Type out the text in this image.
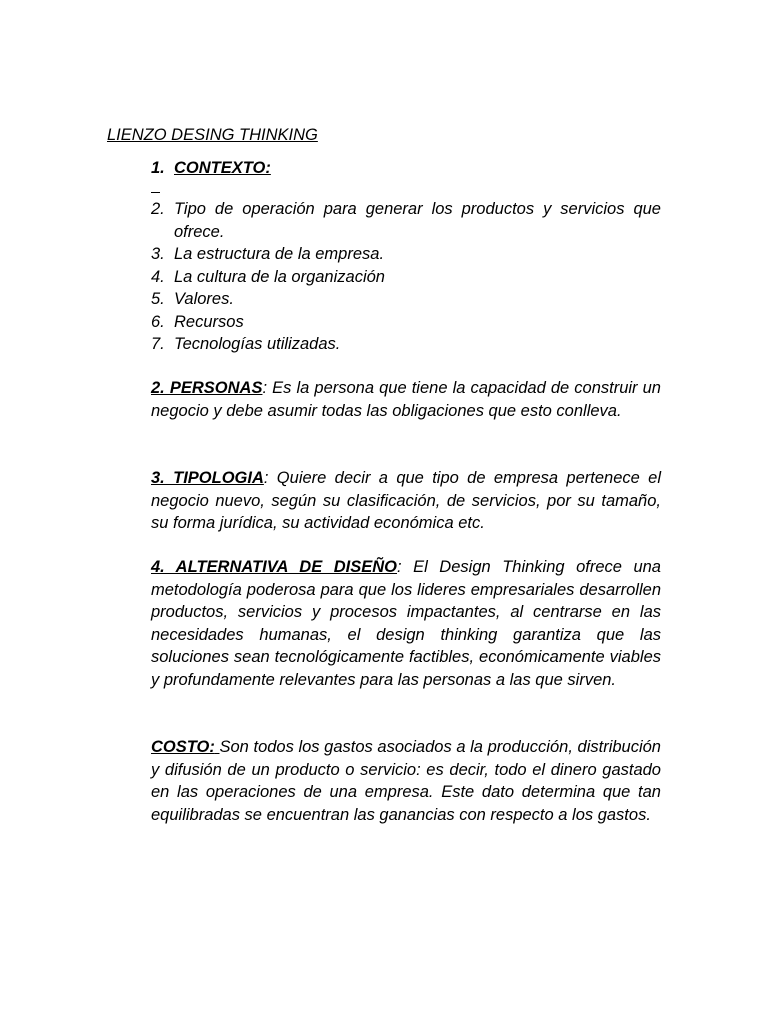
LIENZO DESING THINKING
1. CONTEXTO:
2. Tipo de operación para generar los productos y servicios que ofrece.
3. La estructura de la empresa.
4. La cultura de la organización
5. Valores.
6. Recursos
7. Tecnologías utilizadas.

2. PERSONAS: Es la persona que tiene la capacidad de construir un negocio y debe asumir todas las obligaciones que esto conlleva.

3. TIPOLOGIA: Quiere decir a que tipo de empresa pertenece el negocio nuevo, según su clasificación, de servicios, por su tamaño, su forma jurídica, su actividad económica etc.

4. ALTERNATIVA DE DISEÑO: El Design Thinking ofrece una metodología poderosa para que los lideres empresariales desarrollen productos, servicios y procesos impactantes, al centrarse en las necesidades humanas, el design thinking garantiza que las soluciones sean tecnológicamente factibles, económicamente viables y profundamente relevantes para las personas a las que sirven.

COSTO: Son todos los gastos asociados a la producción, distribución y difusión de un producto o servicio: es decir, todo el dinero gastado en las operaciones de una empresa. Este dato determina que tan equilibradas se encuentran las ganancias con respecto a los gastos.
